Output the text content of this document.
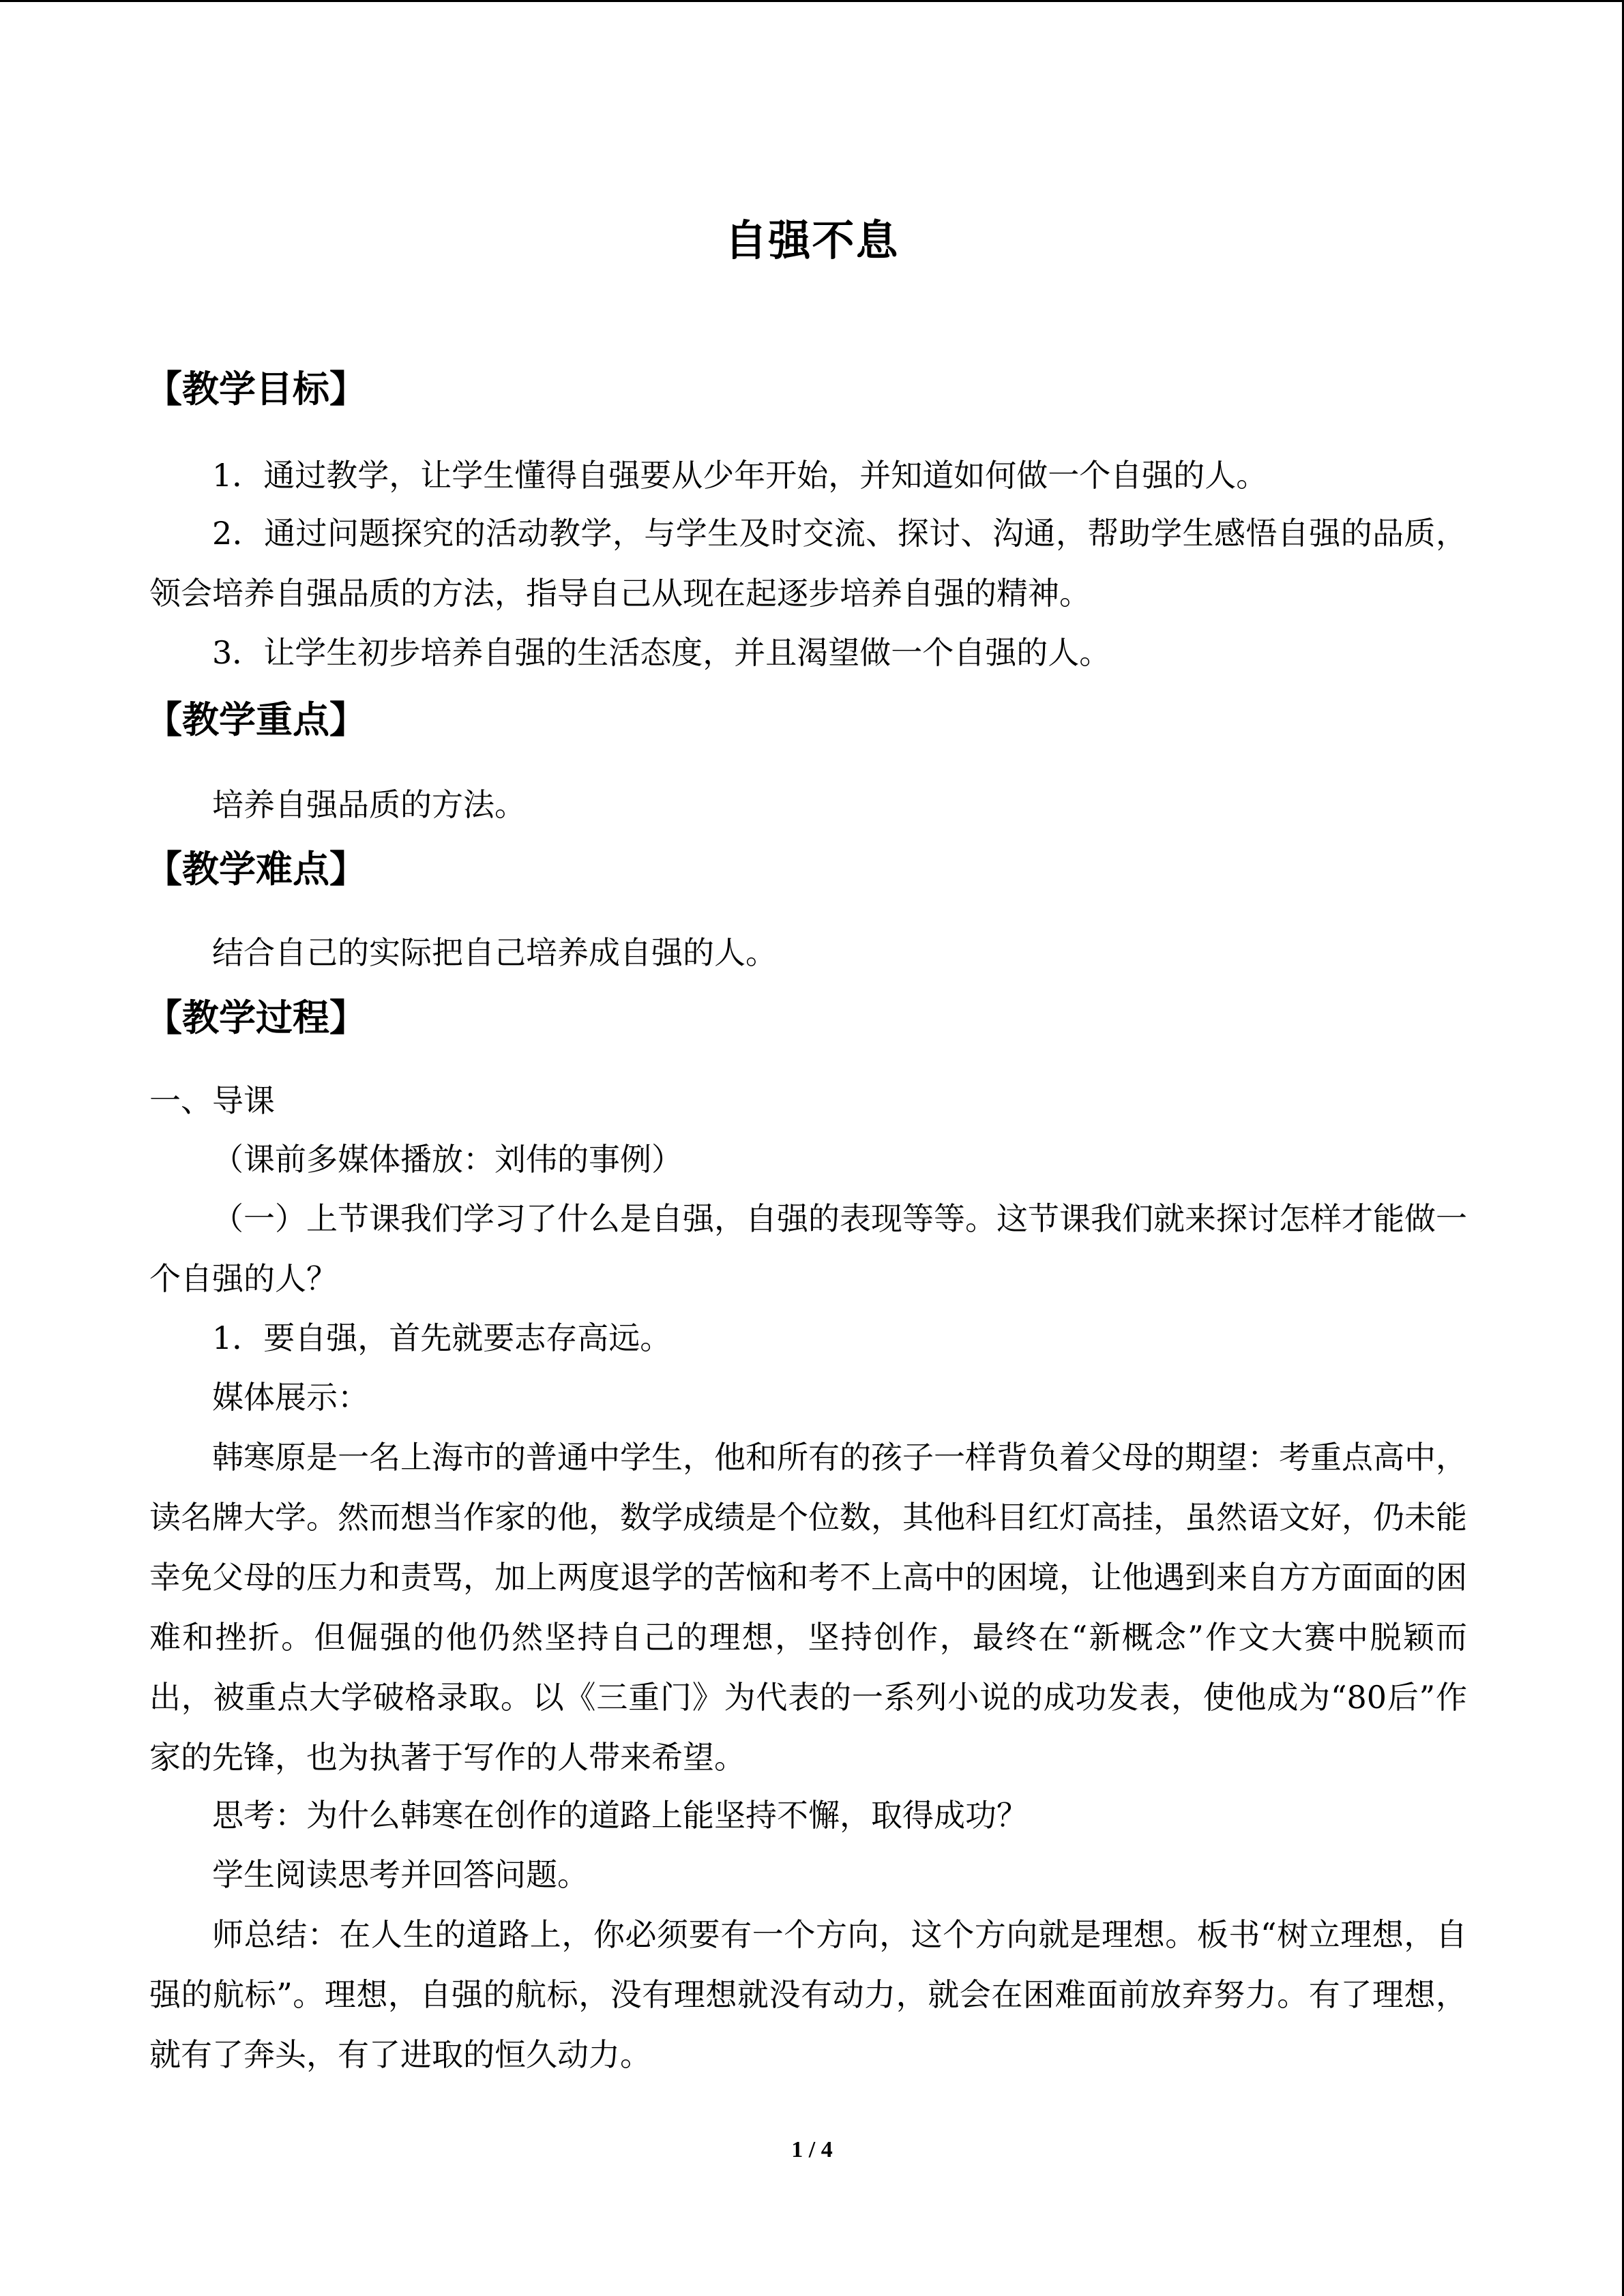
自强不息
【教学目标】

1．通过教学，让学生懂得自强要从少年开始，并知道如何做一个自强的人。

2．通过问题探究的活动教学，与学生及时交流、探讨、沟通，帮助学生感悟自强的品质，领会培养自强品质的方法，指导自己从现在起逐步培养自强的精神。

3．让学生初步培养自强的生活态度，并且渴望做一个自强的人。

【教学重点】

培养自强品质的方法。

【教学难点】

结合自己的实际把自己培养成自强的人。

【教学过程】

一、导课

（课前多媒体播放：刘伟的事例）

（一）上节课我们学习了什么是自强，自强的表现等等。这节课我们就来探讨怎样才能做一个自强的人？

1．要自强，首先就要志存高远。

媒体展示：

韩寒原是一名上海市的普通中学生，他和所有的孩子一样背负着父母的期望：考重点高中，读名牌大学。然而想当作家的他，数学成绩是个位数，其他科目红灯高挂，虽然语文好，仍未能幸免父母的压力和责骂，加上两度退学的苦恼和考不上高中的困境，让他遇到来自方方面面的困难和挫折。但倔强的他仍然坚持自己的理想，坚持创作，最终在“新概念”作文大赛中脱颖而出，被重点大学破格录取。以《三重门》为代表的一系列小说的成功发表，使他成为“80后”作家的先锋，也为执著于写作的人带来希望。

思考：为什么韩寒在创作的道路上能坚持不懈，取得成功？

学生阅读思考并回答问题。

师总结：在人生的道路上，你必须要有一个方向，这个方向就是理想。板书“树立理想，自强的航标”。理想，自强的航标，没有理想就没有动力，就会在困难面前放弃努力。有了理想，就有了奔头，有了进取的恒久动力。

1 / 4
